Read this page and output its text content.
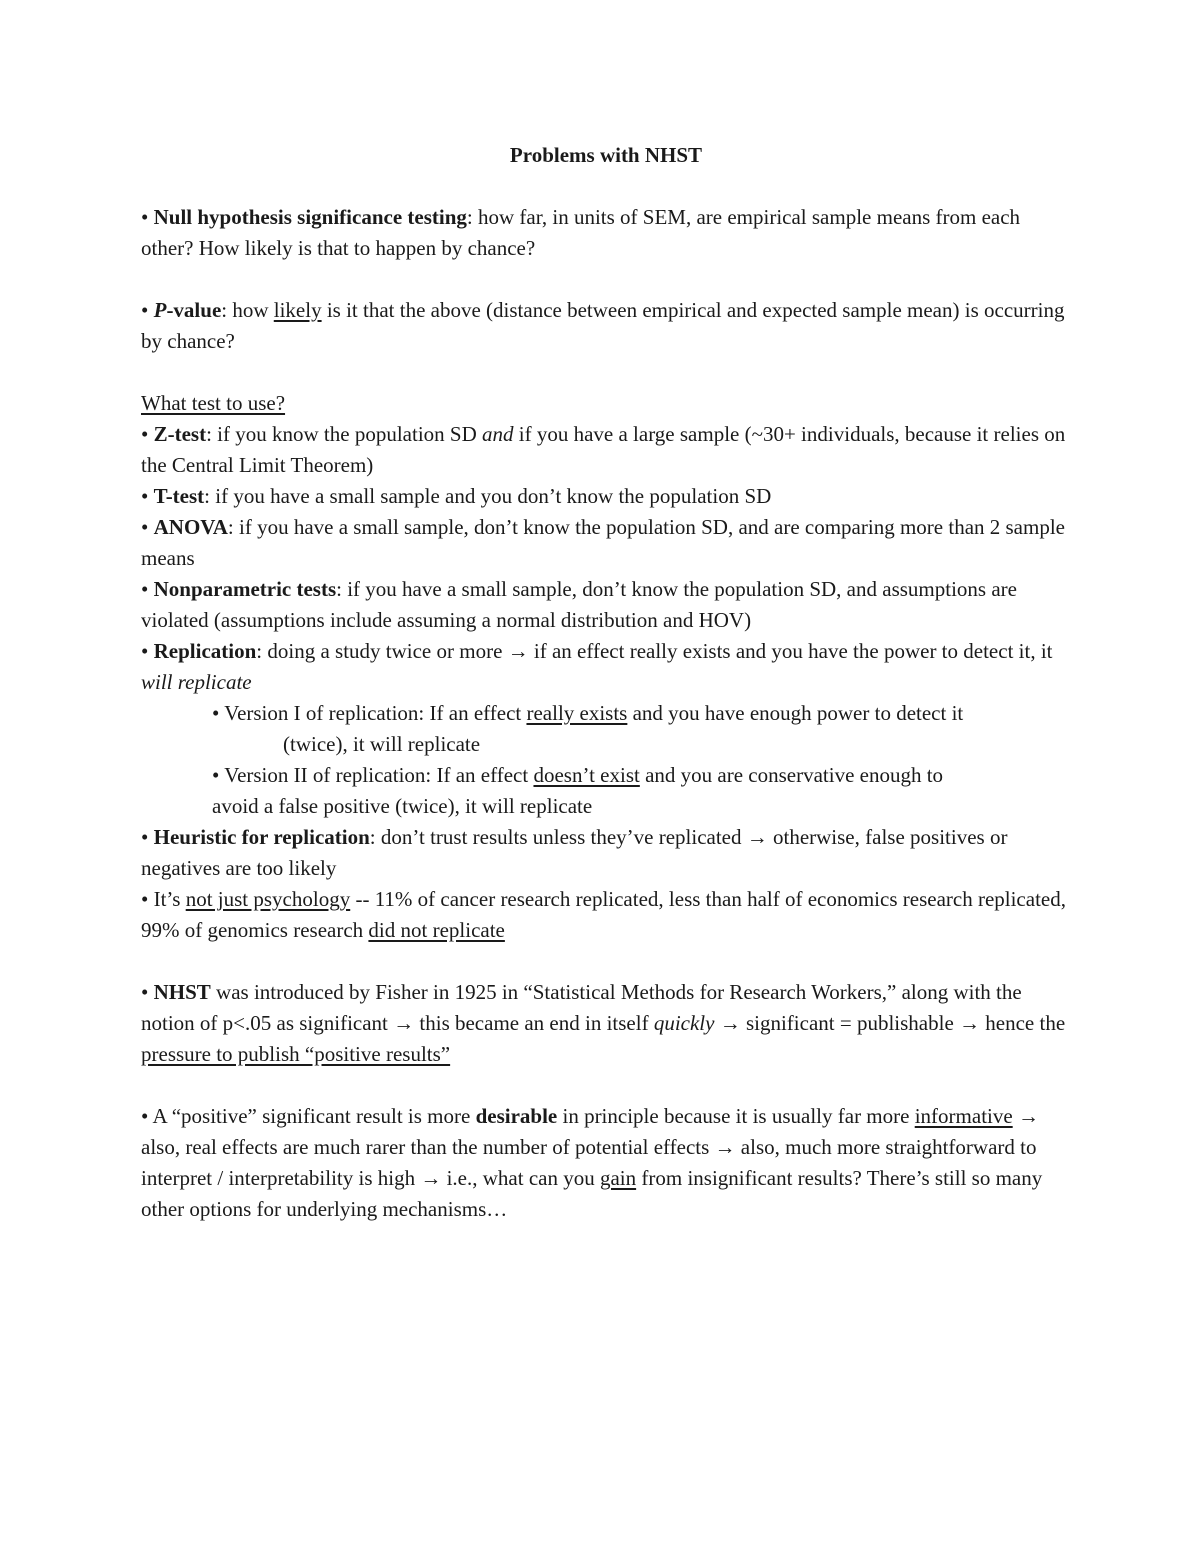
Problems with NHST

• Null hypothesis significance testing: how far, in units of SEM, are empirical sample means from each other? How likely is that to happen by chance?

• P-value: how likely is it that the above (distance between empirical and expected sample mean) is occurring by chance?

What test to use?

• Z-test: if you know the population SD and if you have a large sample (~30+ individuals, because it relies on the Central Limit Theorem)

• T-test: if you have a small sample and you don’t know the population SD

• ANOVA: if you have a small sample, don’t know the population SD, and are comparing more than 2 sample means

• Nonparametric tests: if you have a small sample, don’t know the population SD, and assumptions are violated (assumptions include assuming a normal distribution and HOV)

• Replication: doing a study twice or more → if an effect really exists and you have the power to detect it, it will replicate

• Version I of replication: If an effect really exists and you have enough power to detect it
(twice), it will replicate

• Version II of replication: If an effect doesn’t exist and you are conservative enough to
avoid a false positive (twice), it will replicate

• Heuristic for replication: don’t trust results unless they’ve replicated → otherwise, false positives or negatives are too likely

• It’s not just psychology -- 11% of cancer research replicated, less than half of economics research replicated, 99% of genomics research did not replicate

• NHST was introduced by Fisher in 1925 in “Statistical Methods for Research Workers,” along with the notion of p<.05 as significant → this became an end in itself quickly → significant = publishable → hence the pressure to publish “positive results”

• A “positive” significant result is more desirable in principle because it is usually far more informative → also, real effects are much rarer than the number of potential effects → also, much more straightforward to interpret / interpretability is high → i.e., what can you gain from insignificant results? There’s still so many other options for underlying mechanisms…
